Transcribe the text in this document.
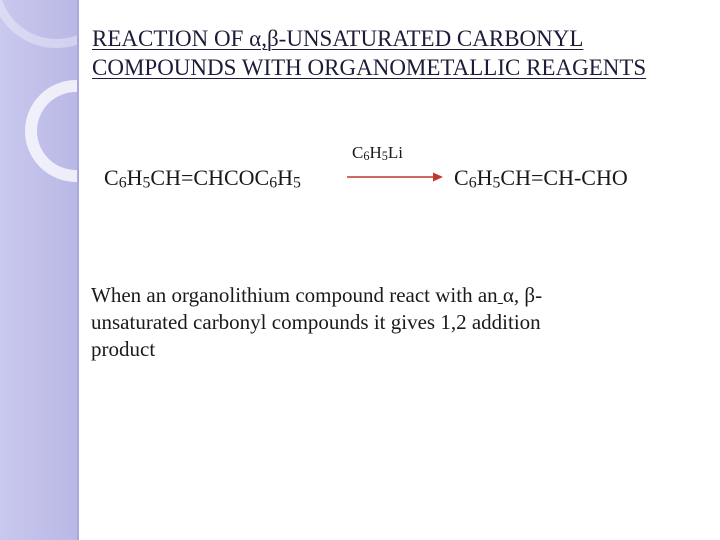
REACTION OF α,β-UNSATURATED CARBONYL
COMPOUNDS WITH ORGANOMETALLIC REAGENTS
$C_6H_5CH=CHCOC_6H_5$
$C_6H_5Li$
$C_6H_5CH=CH$-CHO
When an organolithium compound react with an α, β-
unsaturated carbonyl compounds it gives 1,2 addition
product
